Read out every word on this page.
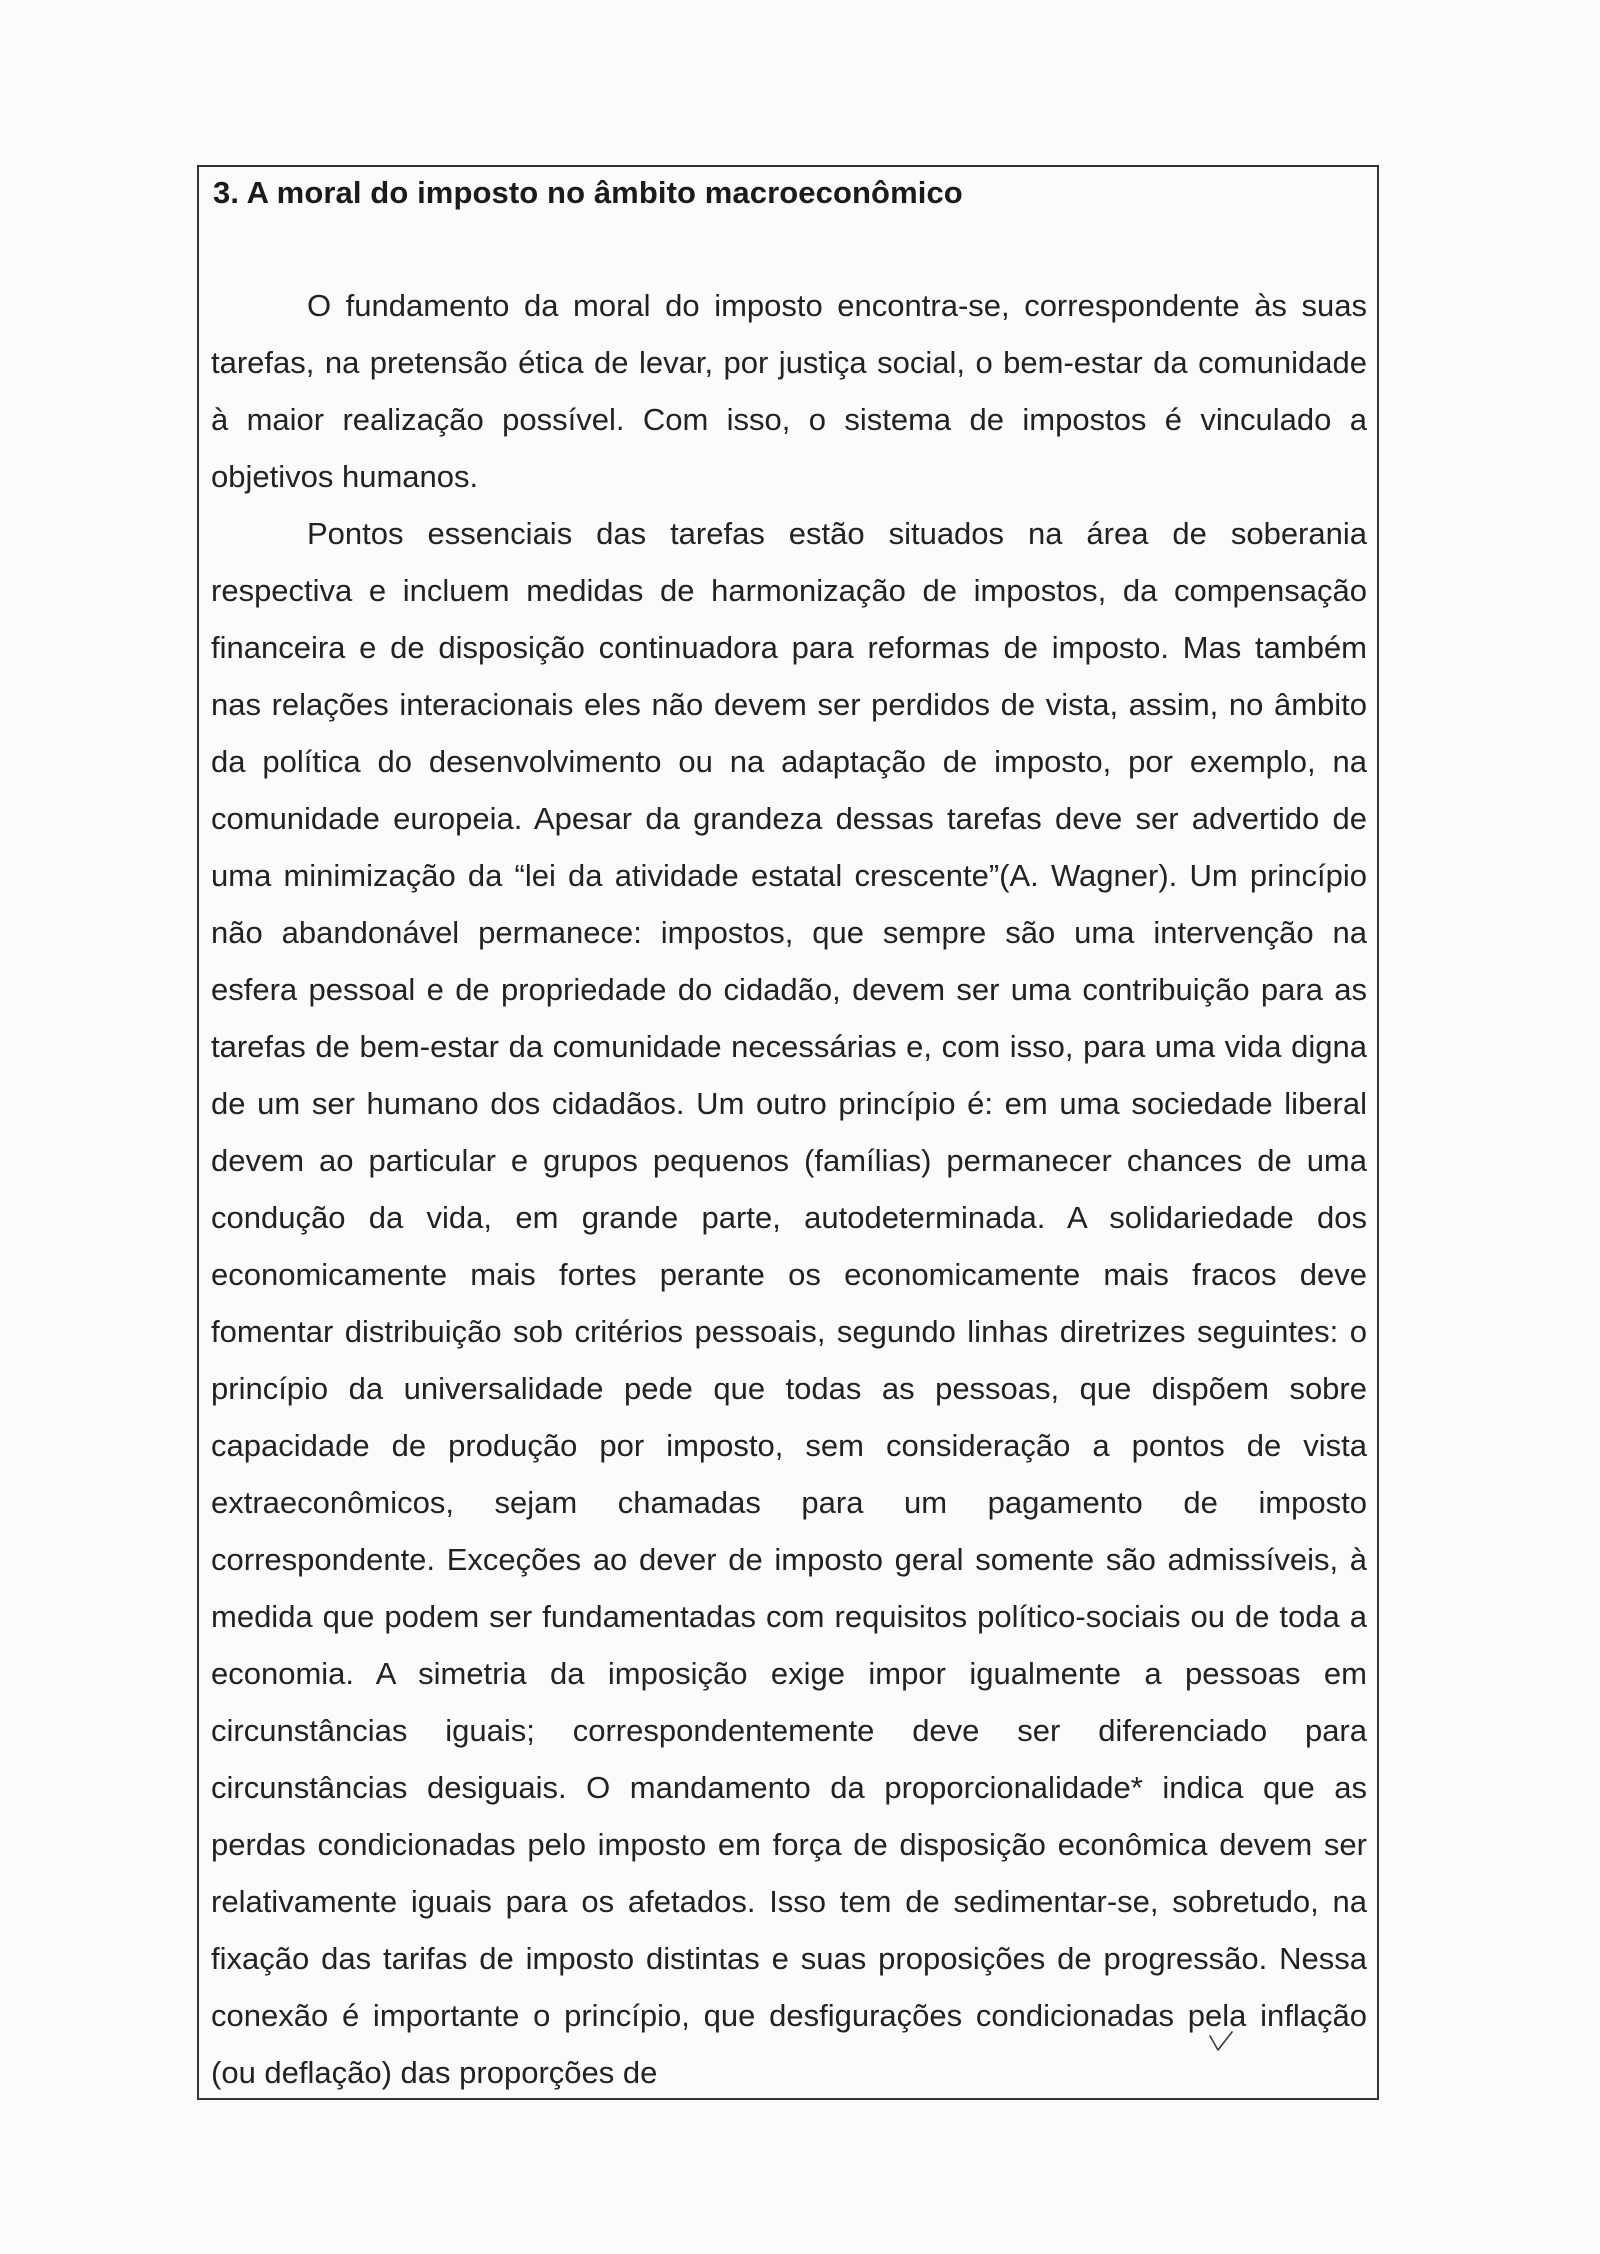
3. A moral do imposto no âmbito macroeconômico

O fundamento da moral do imposto encontra-se, correspondente às suas tarefas, na pretensão ética de levar, por justiça social, o bem-estar da comunidade à maior realização possível. Com isso, o sistema de impostos é vinculado a objetivos humanos.

Pontos essenciais das tarefas estão situados na área de soberania respectiva e incluem medidas de harmonização de impostos, da compensação financeira e de disposição continuadora para reformas de imposto. Mas também nas relações interacionais eles não devem ser perdidos de vista, assim, no âmbito da política do desenvolvimento ou na adaptação de imposto, por exemplo, na comunidade europeia. Apesar da grandeza dessas tarefas deve ser advertido de uma minimização da “lei da atividade estatal crescente”(A. Wagner). Um princípio não abandonável permanece: impostos, que sempre são uma intervenção na esfera pessoal e de propriedade do cidadão, devem ser uma contribuição para as tarefas de bem-estar da comunidade necessárias e, com isso, para uma vida digna de um ser humano dos cidadãos. Um outro princípio é: em uma sociedade liberal devem ao particular e grupos pequenos (famílias) permanecer chances de uma condução da vida, em grande parte, autodeterminada. A solidariedade dos economicamente mais fortes perante os economicamente mais fracos deve fomentar distribuição sob critérios pessoais, segundo linhas diretrizes seguintes: o princípio da universalidade pede que todas as pessoas, que dispõem sobre capacidade de produção por imposto, sem consideração a pontos de vista extraeconômicos, sejam chamadas para um pagamento de imposto correspondente. Exceções ao dever de imposto geral somente são admissíveis, à medida que podem ser fundamentadas com requisitos político-sociais ou de toda a economia. A simetria da imposição exige impor igualmente a pessoas em circunstâncias iguais; correspondentemente deve ser diferenciado para circunstâncias desiguais. O mandamento da proporcionalidade* indica que as perdas condicionadas pelo imposto em força de disposição econômica devem ser relativamente iguais para os afetados. Isso tem de sedimentar-se, sobretudo, na fixação das tarifas de imposto distintas e suas proposições de progressão. Nessa conexão é importante o princípio, que desfigurações condicionadas pela inflação (ou deflação) das proporções de
